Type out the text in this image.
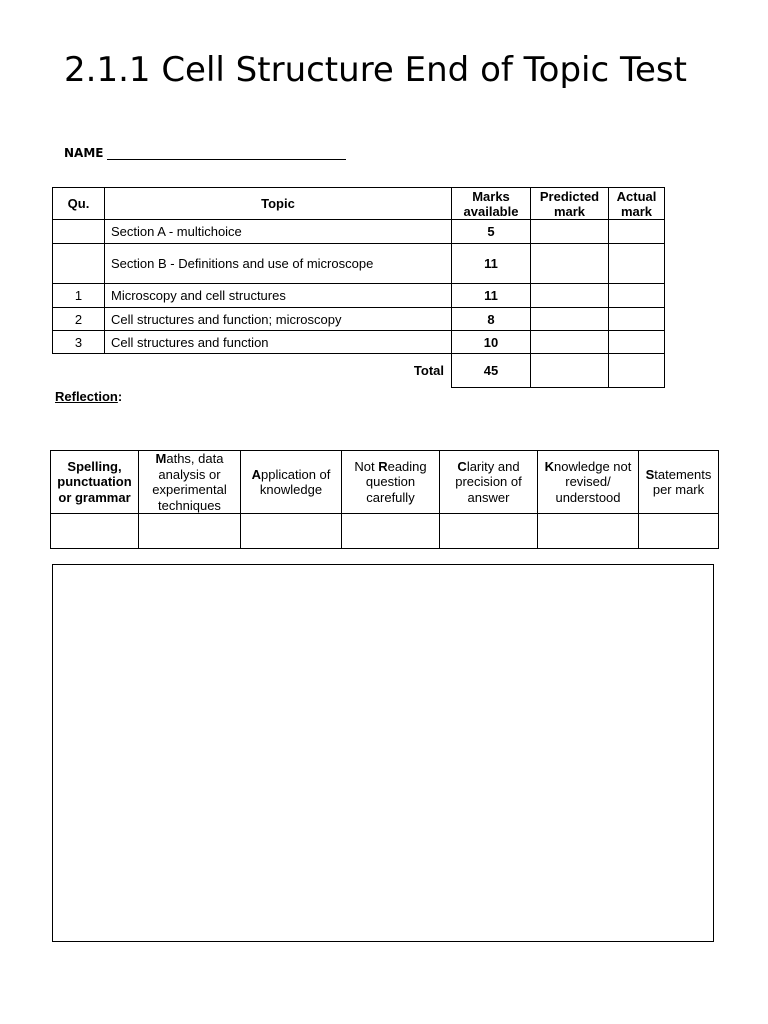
2.1.1 Cell Structure End of Topic Test
NAME
Qu.	Topic	Marks available	Predicted mark	Actual mark
	Section A - multichoice	5		
	Section B - Definitions and use of microscope	11		
1	Microscopy and cell structures	11		
2	Cell structures and function; microscopy	8		
3	Cell structures and function	10		
	Total	45		
Reflection:
Spelling, punctuation or grammar	Maths, data analysis or experimental techniques	Application of knowledge	Not Reading question carefully	Clarity and precision of answer	Knowledge not revised/ understood	Statements per mark
